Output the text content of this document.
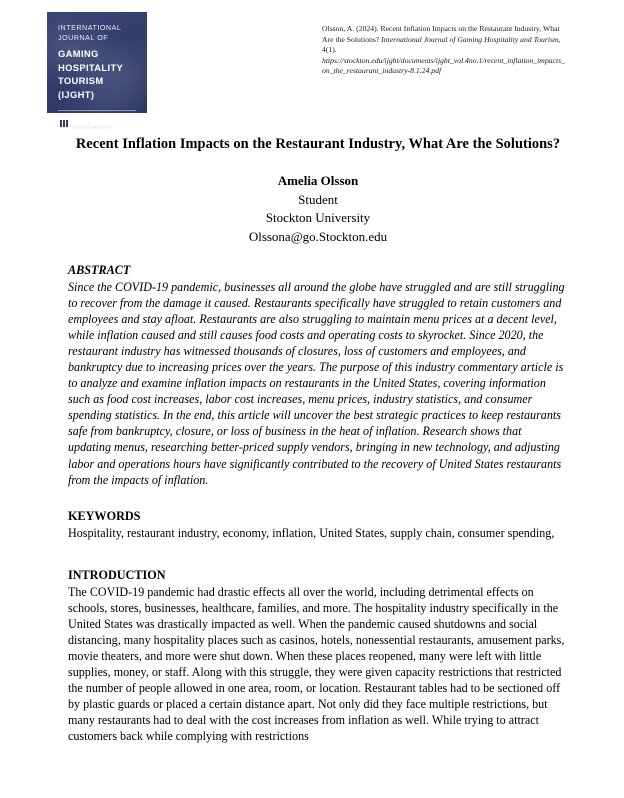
INTERNATIONAL
JOURNAL OF
GAMING
HOSPITALITY
TOURISM
(IJGHT)
STOCKTON
UNIVERSITY
Olsson, A. (2024). Recent Inflation Impacts on the Restaurant Industry, What Are the Solutions? International Journal of Gaming Hospitality and Tourism, 4(1).
https://stockton.edu/ijght/documents/ijght_vol.4no.1/recent_inflation_impacts_on_the_restaurant_industry-8.1.24.pdf
Recent Inflation Impacts on the Restaurant Industry, What Are the Solutions?
Amelia Olsson
Student
Stockton University
Olssona@go.Stockton.edu
ABSTRACT

Since the COVID-19 pandemic, businesses all around the globe have struggled and are still struggling to recover from the damage it caused. Restaurants specifically have struggled to retain customers and employees and stay afloat. Restaurants are also struggling to maintain menu prices at a decent level, while inflation caused and still causes food costs and operating costs to skyrocket. Since 2020, the restaurant industry has witnessed thousands of closures, loss of customers and employees, and bankruptcy due to increasing prices over the years. The purpose of this industry commentary article is to analyze and examine inflation impacts on restaurants in the United States, covering information such as food cost increases, labor cost increases, menu prices, industry statistics, and consumer spending statistics. In the end, this article will uncover the best strategic practices to keep restaurants safe from bankruptcy, closure, or loss of business in the heat of inflation. Research shows that updating menus, researching better-priced supply vendors, bringing in new technology, and adjusting labor and operations hours have significantly contributed to the recovery of United States restaurants from the impacts of inflation.

KEYWORDS

Hospitality, restaurant industry, economy, inflation, United States, supply chain, consumer spending,

INTRODUCTION

The COVID-19 pandemic had drastic effects all over the world, including detrimental effects on schools, stores, businesses, healthcare, families, and more. The hospitality industry specifically in the United States was drastically impacted as well. When the pandemic caused shutdowns and social distancing, many hospitality places such as casinos, hotels, nonessential restaurants, amusement parks, movie theaters, and more were shut down. When these places reopened, many were left with little supplies, money, or staff. Along with this struggle, they were given capacity restrictions that restricted the number of people allowed in one area, room, or location. Restaurant tables had to be sectioned off by plastic guards or placed a certain distance apart. Not only did they face multiple restrictions, but many restaurants had to deal with the cost increases from inflation as well. While trying to attract customers back while complying with restrictions
